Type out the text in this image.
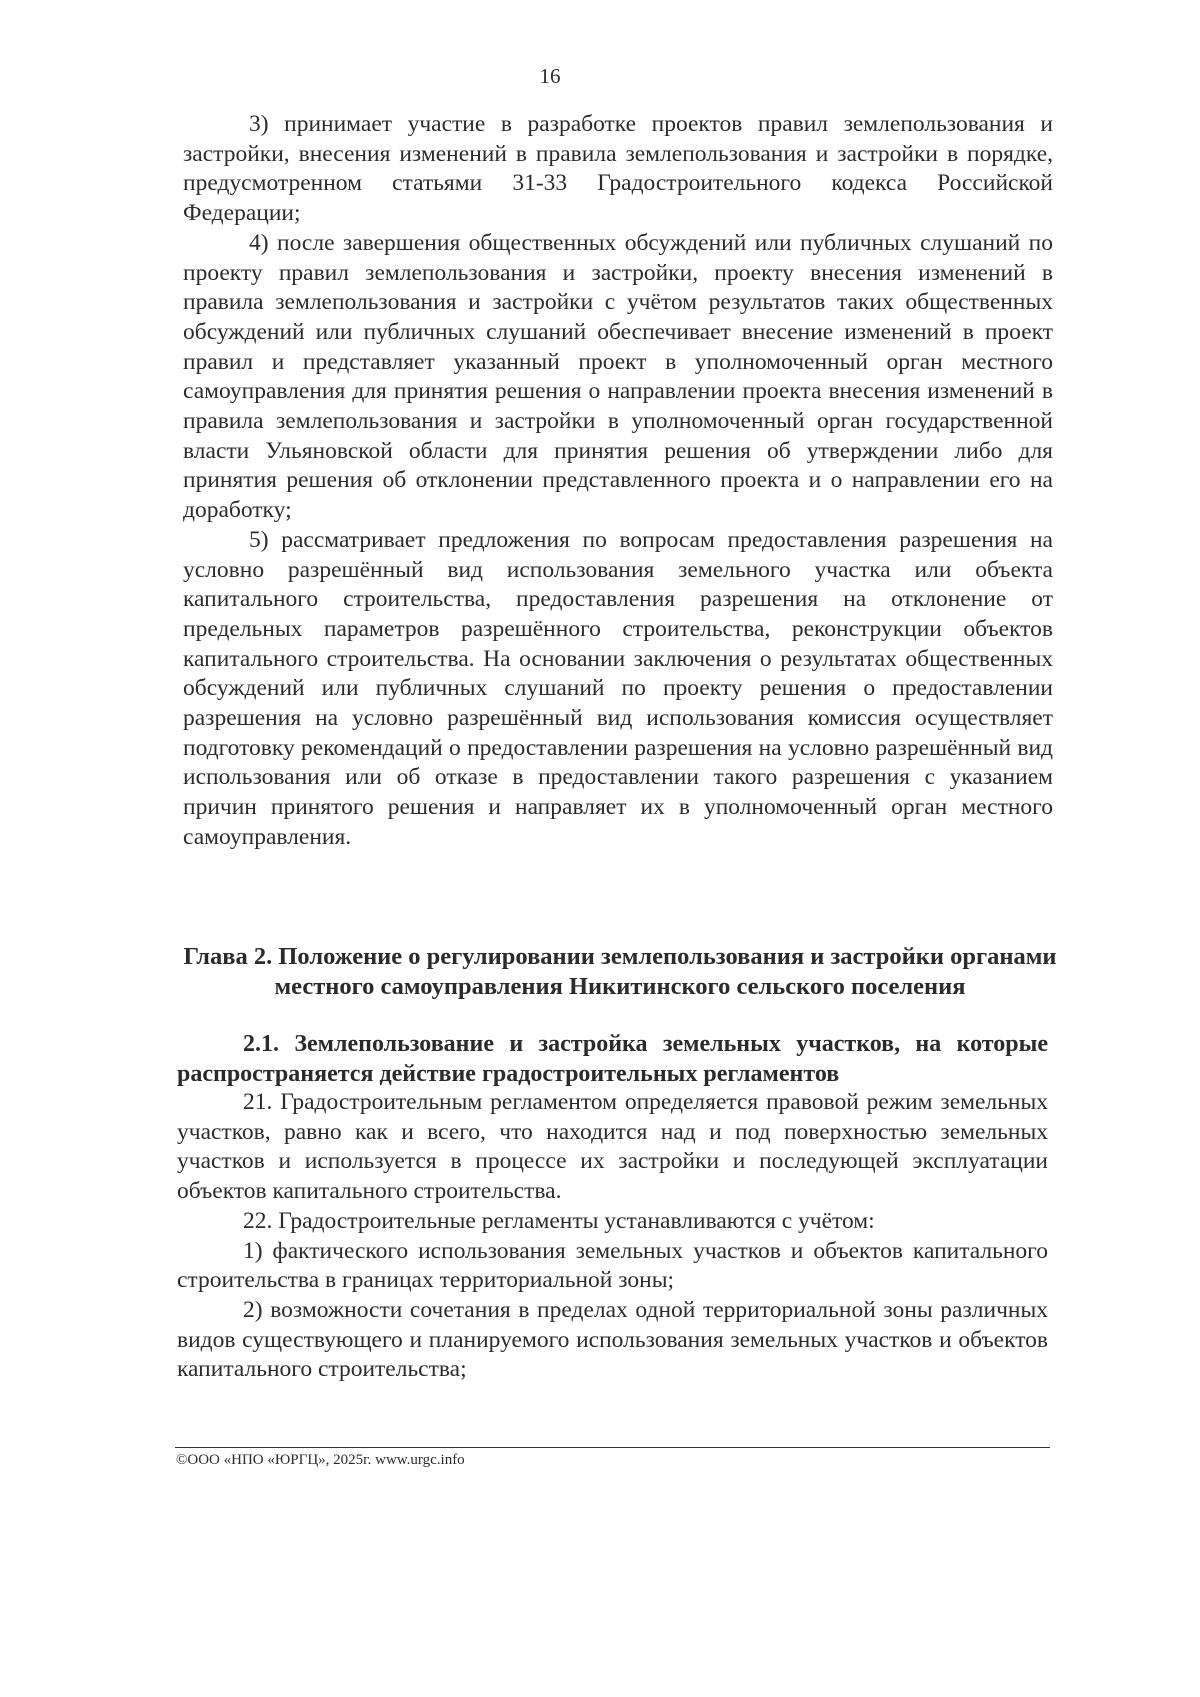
16

3) принимает участие в разработке проектов правил землепользования и застройки, внесения изменений в правила землепользования и застройки в порядке, предусмотренном статьями 31-33 Градостроительного кодекса Российской Федерации;

4) после завершения общественных обсуждений или публичных слушаний по проекту правил землепользования и застройки, проекту внесения изменений в правила землепользования и застройки с учётом результатов таких общественных обсуждений или публичных слушаний обеспечивает внесение изменений в проект правил и представляет указанный проект в уполномоченный орган местного самоуправления для принятия решения о направлении проекта внесения изменений в правила землепользования и застройки в уполномоченный орган государственной власти Ульяновской области для принятия решения об утверждении либо для принятия решения об отклонении представленного проекта и о направлении его на доработку;

5) рассматривает предложения по вопросам предоставления разрешения на условно разрешённый вид использования земельного участка или объекта капитального строительства, предоставления разрешения на отклонение от предельных параметров разрешённого строительства, реконструкции объектов капитального строительства. На основании заключения о результатах общественных обсуждений или публичных слушаний по проекту решения о предоставлении разрешения на условно разрешённый вид использования комиссия осуществляет подготовку рекомендаций о предоставлении разрешения на условно разрешённый вид использования или об отказе в предоставлении такого разрешения с указанием причин принятого решения и направляет их в уполномоченный орган местного самоуправления.

Глава 2. Положение о регулировании землепользования и застройки органами местного самоуправления Никитинского сельского поселения
2.1. Землепользование и застройка земельных участков, на которые распространяется действие градостроительных регламентов

21. Градостроительным регламентом определяется правовой режим земельных участков, равно как и всего, что находится над и под поверхностью земельных участков и используется в процессе их застройки и последующей эксплуатации объектов капитального строительства.

22. Градостроительные регламенты устанавливаются с учётом:

1) фактического использования земельных участков и объектов капитального строительства в границах территориальной зоны;

2) возможности сочетания в пределах одной территориальной зоны различных видов существующего и планируемого использования земельных участков и объектов капитального строительства;

©ООО «НПО «ЮРГЦ», 2025г. www.urgc.info
